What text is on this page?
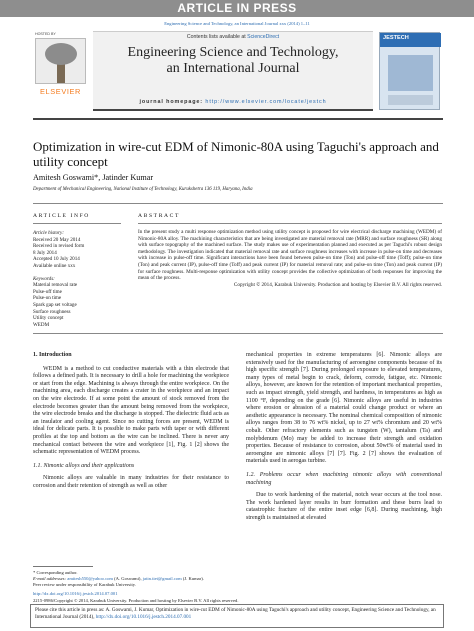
ARTICLE IN PRESS
Engineering Science and Technology, an International Journal xxx (2014) 1–11
HOSTED BY
ELSEVIER
Contents lists available at ScienceDirect
Engineering Science and Technology,
an International Journal
journal homepage: http://www.elsevier.com/locate/jestch
JESTECH
Optimization in wire-cut EDM of Nimonic-80A using Taguchi's approach and utility concept
Amitesh Goswami*, Jatinder Kumar
Department of Mechanical Engineering, National Institute of Technology, Kurukshetra 136 119, Haryana, India
ARTICLE INFO	ABSTRACT
Article history:
Received 20 May 2014
Received in revised form
8 July 2014
Accepted 10 July 2014
Available online xxx
Keywords:
Material removal rate
Pulse-off time
Pulse-on time
Spark gap set voltage
Surface roughness
Utility concept
WEDM
In the present study a multi response optimization method using utility concept is proposed for wire electrical discharge machining (WEDM) of Nimonic-80A alloy. The machining characteristics that are being investigated are material removal rate (MRR) and surface roughness (SR) along with surface topography of the machined surface. The study makes use of experimentation planned and executed as per Taguchi's robust design methodology. The investigation indicated that material removal rate and surface roughness increases with increase in pulse-on time and decreases with increase in pulse-off time. Significant interactions have been found between pulse-on time (Ton) and pulse-off time (Toff); pulse-on time (Ton) and peak current (IP), pulse-off time (Toff) and peak current (IP) for material removal rate; and pulse-on time (Ton) and peak current (IP) for surface roughness. Multi-response optimization with utility concept provides the collective optimization of both responses for improving the mean of the process.
Copyright © 2014, Karabuk University. Production and hosting by Elsevier B.V. All rights reserved.
1. Introduction

WEDM is a method to cut conductive materials with a thin electrode that follows a defined path. It is necessary to drill a hole for machining the workpiece or start from the edge. Machining is always through the entire workpiece. On the machining area, each discharge creates a crater in the workpiece and an impact on the wire electrode. If at some point the amount of stock removed from the electrode becomes greater than the amount being removed from the workpiece, the wire electrode breaks and the discharge is stopped. The dielectric fluid acts as an insulator and cooling agent. Since no cutting forces are present, WEDM is ideal for delicate parts. It is possible to make parts with taper or with different profiles at the top and bottom as the wire can be inclined. There is never any mechanical contact between the wire and workpiece [1], Fig. 1 [2] shows the schematic representation of WEDM process.

1.1. Nimonic alloys and their applications

Nimonic alloys are valuable in many industries for their resistance to corrosion and their retention of strength as well as other

mechanical properties in extreme temperatures [6]. Nimonic alloys are extensively used for the manufacturing of aeroengine components because of its high specific strength [7]. During prolonged exposure to elevated temperatures, many types of metal begin to crack, deform, corrode, fatigue, etc. Nimonic alloys, however, are known for the retention of important mechanical properties, such as impact strength, yield strength, and hardness, in temperatures as high as 1100 °F, depending on the grade [6]. Nimonic alloys are useful in industries where erosion or abrasion of a material could change product or where an aesthetic appearance is necessary. The nominal chemical composition of nimonic alloys ranges from 38 to 76 wt% nickel, up to 27 wt% chromium and 20 wt% cobalt. Other refractory elements such as tungsten (W), tantalum (Ta) and molybdenum (Mo) may be added to increase their strength and oxidation properties. Because of resistance to corrosion, about 50wt% of material used in aeroengine are nimonic alloys [7] [7]. Fig. 2 [7] shows the evaluation of materials used in aerogas turbine.

1.2. Problems occur when machining nimonic alloys with conventional machining

Due to work hardening of the material, notch wear occurs at the tool nose. The work hardened layer results in burr formation and these burrs lead to catastrophic fracture of the entire inset edge [6,8]. During machining, high strength is maintained at elevated

* Corresponding author.
E-mail addresses: amitesh550@yahoo.com (A. Goswami), jatin.tiet@gmail.com (J. Kumar).
Peer review under responsibility of Karabuk University.
http://dx.doi.org/10.1016/j.jestch.2014.07.001
2215-0986/Copyright © 2014, Karabuk University. Production and hosting by Elsevier B.V. All rights reserved.
Please cite this article in press as: A. Goswami, J. Kumar, Optimization in wire-cut EDM of Nimonic-80A using Taguchi's approach and utility concept, Engineering Science and Technology, an International Journal (2014), http://dx.doi.org/10.1016/j.jestch.2014.07.001
